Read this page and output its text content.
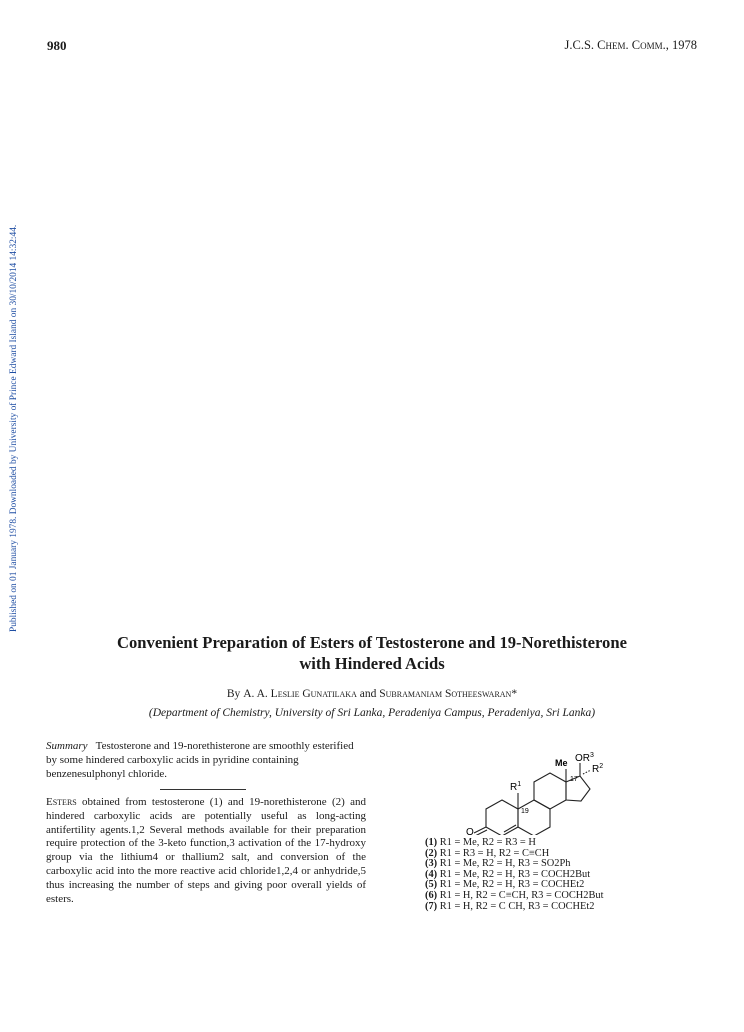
980	J.C.S. Chem. Comm., 1978
Published on 01 January 1978. Downloaded by University of Prince Edward Island on 30/10/2014 14:32:44.
Convenient Preparation of Esters of Testosterone and 19-Norethisterone
with Hindered Acids
By A. A. Leslie Gunatilaka and Subramaniam Sotheeswaran*
(Department of Chemistry, University of Sri Lanka, Peradeniya Campus, Peradeniya, Sri Lanka)
Summary Testosterone and 19-norethisterone are smoothly esterified by some hindered carboxylic acids in pyridine containing benzenesulphonyl chloride.

Esters obtained from testosterone (1) and 19-norethisterone (2) and hindered carboxylic acids are potentially useful as long-acting antifertility agents.1,2 Several methods available for their preparation require protection of the 3-keto function,3 activation of the 17-hydroxy group via the lithium4 or thallium2 salt, and conversion of the carboxylic acid into the more reactive acid chloride1,2,4 or anhydride,5 thus increasing the number of steps and giving poor overall yields of esters.

$R^1$
Me $OR^3$
$R^2$
17
19
O
(1) R1 = Me, R2 = R3 = H
(2) R1 = R3 = H, R2 = C≡CH
(3) R1 = Me, R2 = H, R3 = SO2Ph
(4) R1 = Me, R2 = H, R3 = COCH2But
(5) R1 = Me, R2 = H, R3 = COCHEt2
(6) R1 = H, R2 = C≡CH, R3 = COCH2But
(7) R1 = H, R2 = C CH, R3 = COCHEt2
